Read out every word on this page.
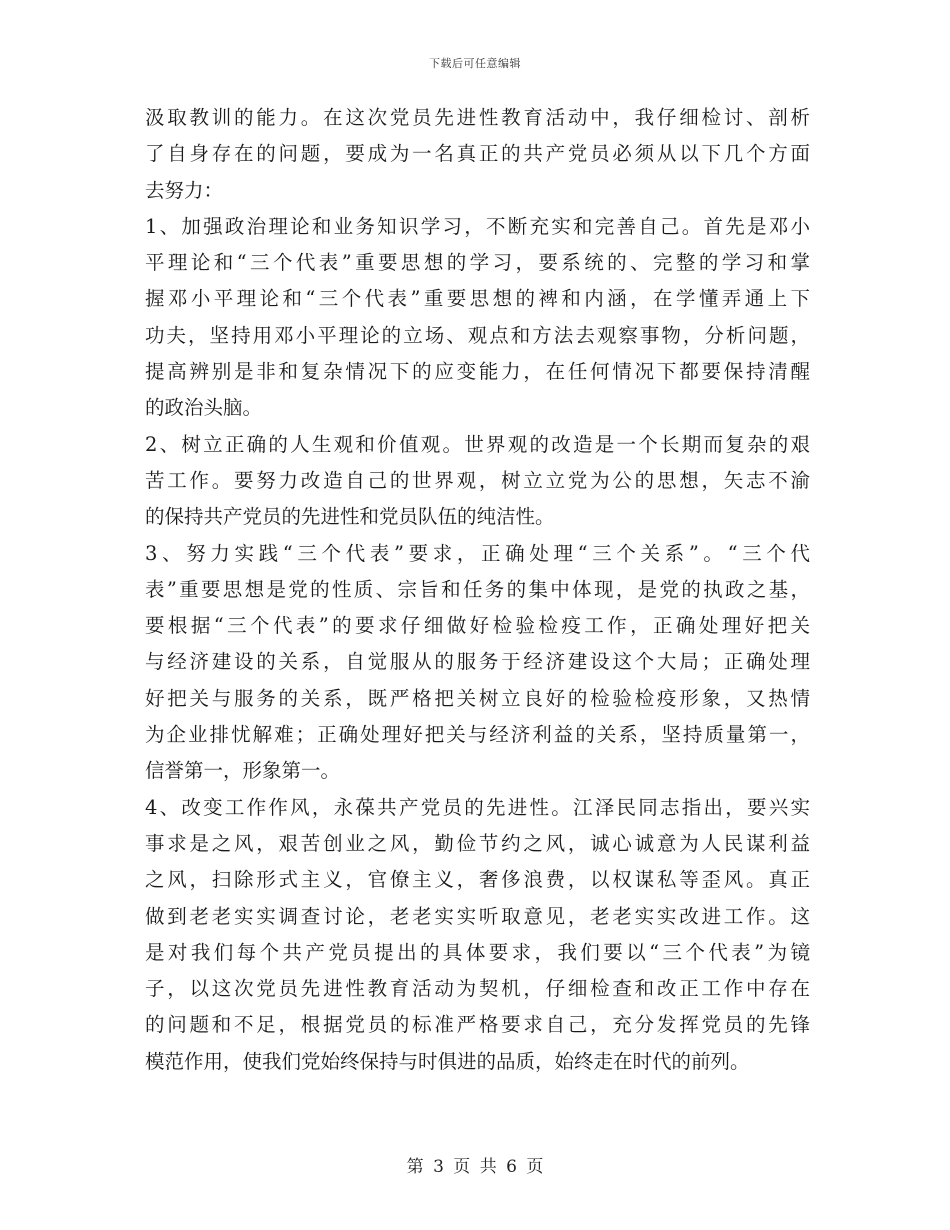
下载后可任意编辑
汲取教训的能力。在这次党员先进性教育活动中，我仔细检讨、剖析
了自身存在的问题，要成为一名真正的共产党员必须从以下几个方面
去努力：
1、加强政治理论和业务知识学习，不断充实和完善自己。首先是邓小
平理论和“三个代表”重要思想的学习，要系统的、完整的学习和掌
握邓小平理论和“三个代表”重要思想的裨和内涵，在学懂弄通上下
功夫，坚持用邓小平理论的立场、观点和方法去观察事物，分析问题，
提高辨别是非和复杂情况下的应变能力，在任何情况下都要保持清醒
的政治头脑。
2、树立正确的人生观和价值观。世界观的改造是一个长期而复杂的艰
苦工作。要努力改造自己的世界观，树立立党为公的思想，矢志不渝
的保持共产党员的先进性和党员队伍的纯洁性。
3、努力实践“三个代表”要求，正确处理“三个关系”。“三个代
表”重要思想是党的性质、宗旨和任务的集中体现，是党的执政之基，
要根据“三个代表”的要求仔细做好检验检疫工作，正确处理好把关
与经济建设的关系，自觉服从的服务于经济建设这个大局；正确处理
好把关与服务的关系，既严格把关树立良好的检验检疫形象，又热情
为企业排忧解难；正确处理好把关与经济利益的关系，坚持质量第一，
信誉第一，形象第一。
4、改变工作作风，永葆共产党员的先进性。江泽民同志指出，要兴实
事求是之风，艰苦创业之风，勤俭节约之风，诚心诚意为人民谋利益
之风，扫除形式主义，官僚主义，奢侈浪费，以权谋私等歪风。真正
做到老老实实调查讨论，老老实实听取意见，老老实实改进工作。这
是对我们每个共产党员提出的具体要求，我们要以“三个代表”为镜
子，以这次党员先进性教育活动为契机，仔细检查和改正工作中存在
的问题和不足，根据党员的标准严格要求自己，充分发挥党员的先锋
模范作用，使我们党始终保持与时俱进的品质，始终走在时代的前列。
第 3 页 共 6 页
